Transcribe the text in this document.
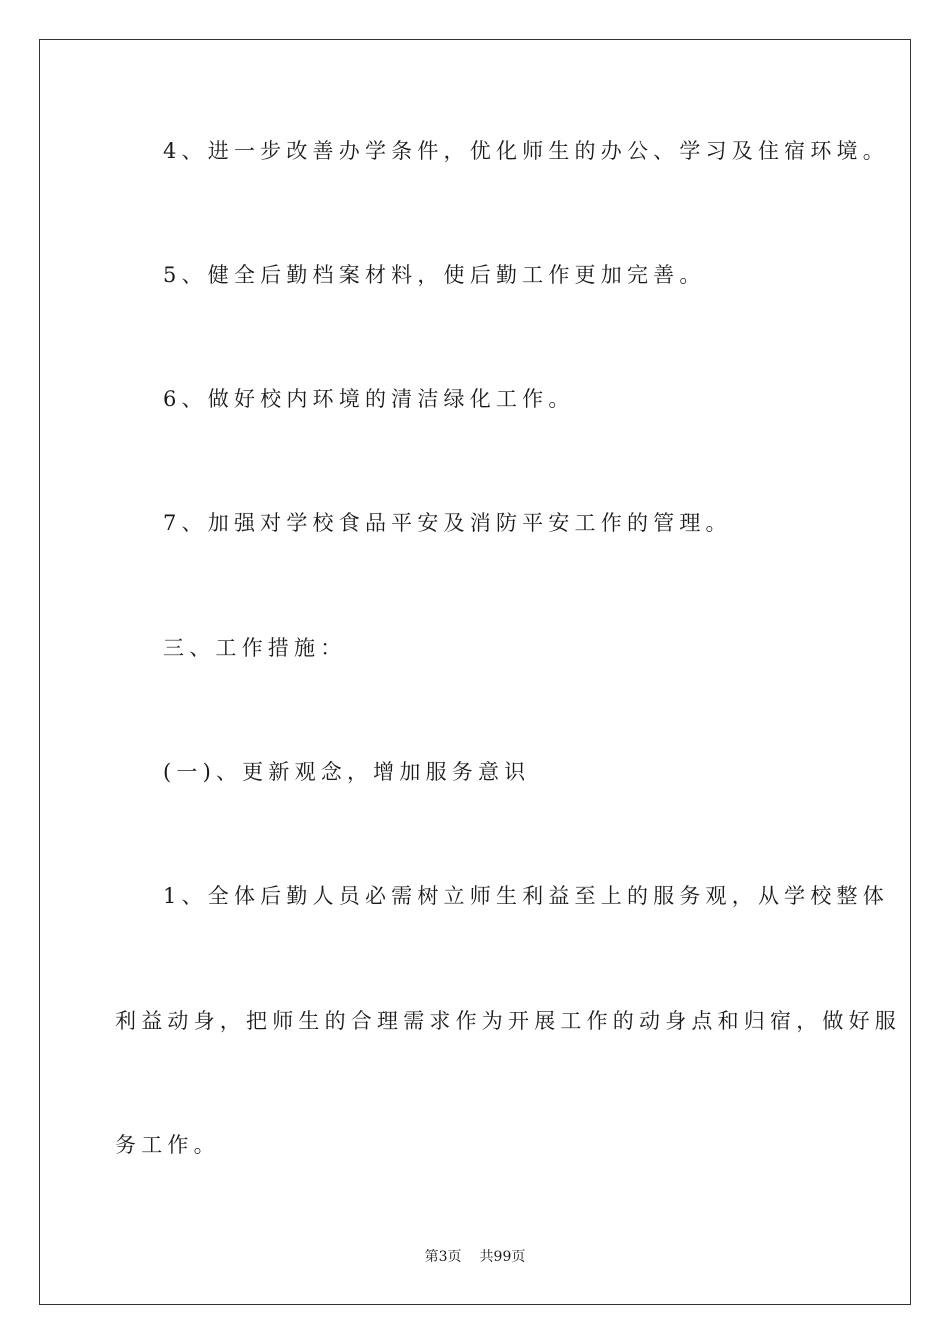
4、进一步改善办学条件，优化师生的办公、学习及住宿环境。
5、健全后勤档案材料，使后勤工作更加完善。
6、做好校内环境的清洁绿化工作。
7、加强对学校食品平安及消防平安工作的管理。
三、工作措施：
(一)、更新观念，增加服务意识
1、全体后勤人员必需树立师生利益至上的服务观，从学校整体
利益动身，把师生的合理需求作为开展工作的动身点和归宿，做好服
务工作。
第3页 共99页
